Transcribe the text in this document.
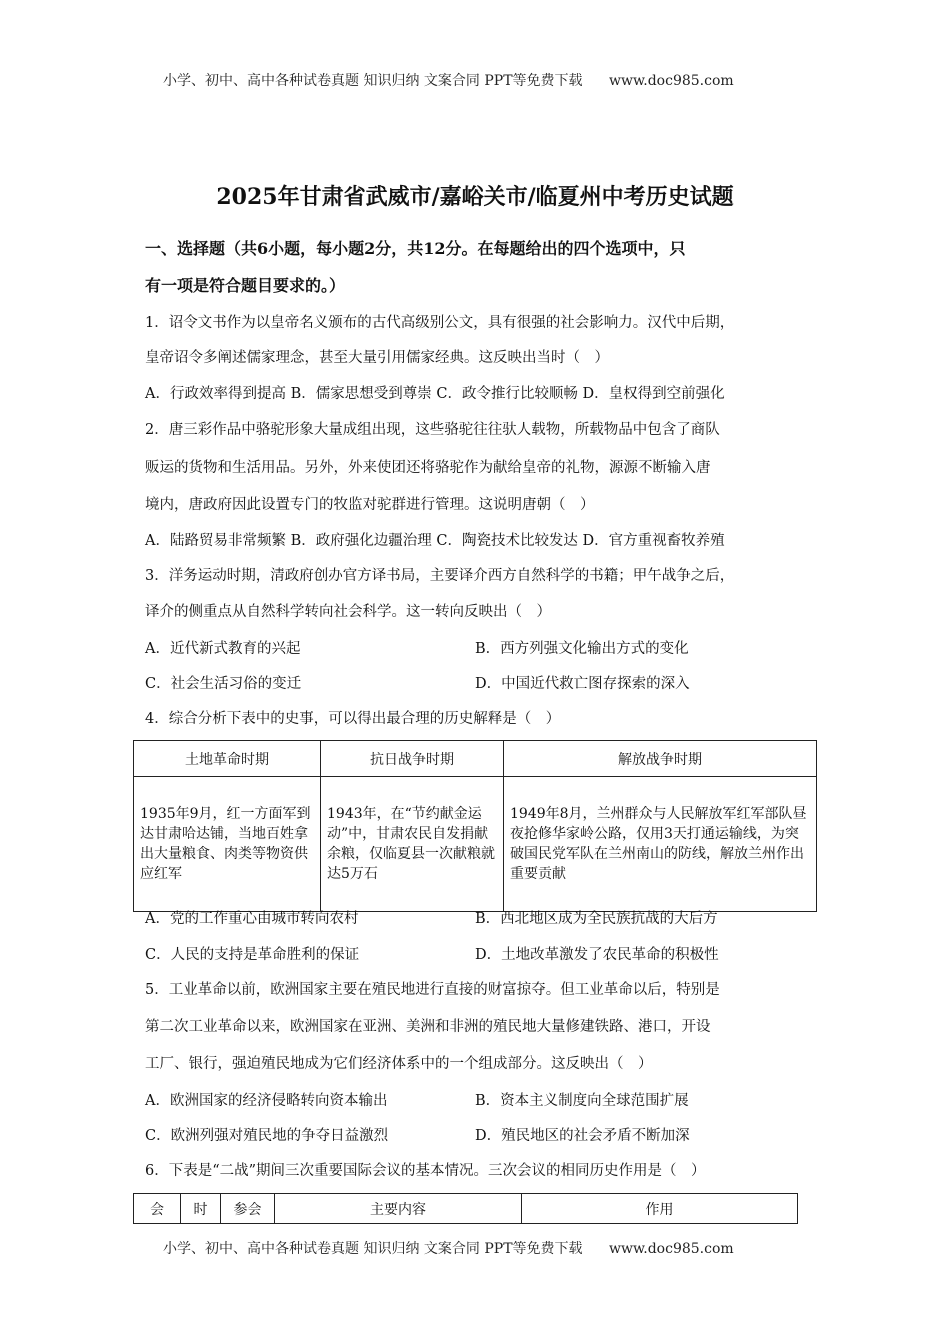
小学、初中、高中各种试卷真题 知识归纳 文案合同 PPT等免费下载 www.doc985.com
2025年甘肃省武威市/嘉峪关市/临夏州中考历史试题
一、选择题（共6小题，每小题2分，共12分。在每题给出的四个选项中，只
有一项是符合题目要求的。）
1．诏令文书作为以皇帝名义颁布的古代高级别公文，具有很强的社会影响力。汉代中后期，
皇帝诏令多阐述儒家理念，甚至大量引用儒家经典。这反映出当时（　）
A．行政效率得到提高 B．儒家思想受到尊崇 C．政令推行比较顺畅 D．皇权得到空前强化
2．唐三彩作品中骆驼形象大量成组出现，这些骆驼往往驮人载物，所载物品中包含了商队
贩运的货物和生活用品。另外，外来使团还将骆驼作为献给皇帝的礼物，源源不断输入唐
境内，唐政府因此设置专门的牧监对驼群进行管理。这说明唐朝（　）
A．陆路贸易非常频繁 B．政府强化边疆治理 C．陶瓷技术比较发达 D．官方重视畜牧养殖
3．洋务运动时期，清政府创办官方译书局，主要译介西方自然科学的书籍；甲午战争之后，
译介的侧重点从自然科学转向社会科学。这一转向反映出（　）
A．近代新式教育的兴起	B．西方列强文化输出方式的变化
C．社会生活习俗的变迁	D．中国近代救亡图存探索的深入
4．综合分析下表中的史事，可以得出最合理的历史解释是（　）
土地革命时期	抗日战争时期	解放战争时期
1935年9月，红一方面军到达甘肃哈达铺，当地百姓拿出大量粮食、肉类等物资供应红军	1943年，在“节约献金运动”中，甘肃农民自发捐献余粮，仅临夏县一次献粮就达5万石	1949年8月，兰州群众与人民解放军红军部队昼夜抢修华家岭公路，仅用3天打通运输线，为突破国民党军队在兰州南山的防线，解放兰州作出重要贡献
A．党的工作重心由城市转向农村	B．西北地区成为全民族抗战的大后方
C．人民的支持是革命胜利的保证	D．土地改革激发了农民革命的积极性
5．工业革命以前，欧洲国家主要在殖民地进行直接的财富掠夺。但工业革命以后，特别是
第二次工业革命以来，欧洲国家在亚洲、美洲和非洲的殖民地大量修建铁路、港口，开设
工厂、银行，强迫殖民地成为它们经济体系中的一个组成部分。这反映出（　）
A．欧洲国家的经济侵略转向资本输出	B．资本主义制度向全球范围扩展
C．欧洲列强对殖民地的争夺日益激烈	D．殖民地区的社会矛盾不断加深
6．下表是“二战”期间三次重要国际会议的基本情况。三次会议的相同历史作用是（　）
会	时	参会	主要内容	作用
小学、初中、高中各种试卷真题 知识归纳 文案合同 PPT等免费下载 www.doc985.com
